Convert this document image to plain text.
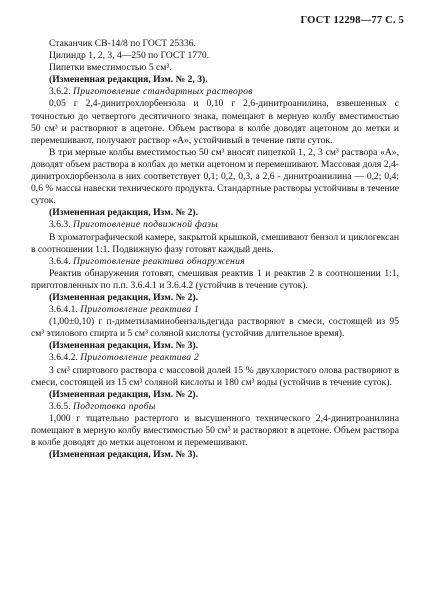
ГОСТ 12298—77 С. 5

Стаканчик СВ-14/8 по ГОСТ 25336.

Цилиндр 1, 2, 3, 4—250 по ГОСТ 1770.

Пипетки вместимостью 5 см³.

(Измененная редакция, Изм. № 2, 3).

3.6.2. Приготовление стандартных растворов

0,05 г 2,4-динитрохлорбензола и 0,10 г 2,6-динитроанилина, взвешенных с точностью до четвертого десятичного знака, помещают в мерную колбу вместимостью 50 см³ и растворяют в ацетоне. Объем раствора в колбе доводят ацетоном до метки и перемешивают, получают раствор «А», устойчивый в течение пяти суток.

В три мерные колбы вместимостью 50 см³ вносят пипеткой 1, 2, 3 см³ раствора «А», доводят объем раствора в колбах до метки ацетоном и перемешивают. Массовая доля 2,4- динитрохлорбензола в них соответствует 0,1; 0,2, 0,3, а 2,6 - динитроанилина — 0,2; 0,4; 0,6 % массы навески технического продукта. Стандартные растворы устойчивы в течение суток.

(Измененная редакция, Изм. № 2).

3.6.3. Приготовление подвижной фазы

В хроматографической камере, закрытой крышкой, смешивают бензол и циклогексан в соотношении 1:1. Подвижную фазу готовят каждый день.

3.6.4. Приготовление реактива обнаружения

Реактив обнаружения готовят, смешивая реактив 1 и реактив 2 в соотношении 1:1, приготовленных по п.п. 3.6.4.1 и 3.6.4.2 (устойчив в течение суток).

(Измененная редакция, Изм. № 2).

3.6.4.1. Приготовление реактива 1

(1,00±0,10) г п-диметиламинобензальдегида растворяют в смеси, состоящей из 95 см³ этилового спирта и 5 см³ соляной кислоты (устойчив длительное время).

(Измененная редакция, Изм. № 3).

3.6.4.2. Приготовление реактива 2

3 см³ спиртового раствора с массовой долей 15 % двухлористого олова растворяют в смеси, состоящей из 15 см³ соляной кислоты и 180 см³ воды (устойчив в течение суток).

(Измененная редакция, Изм. № 2).

3.6.5. Подготовка пробы

1,000 г тщательно растертого и высушенного технического 2,4-динитроанилина помещают в мерную колбу вместимостью 50 см³ и растворяют в ацетоне. Объем раствора в колбе доводят до метки ацетоном и перемешивают.

(Измененная редакция, Изм. № 3).
